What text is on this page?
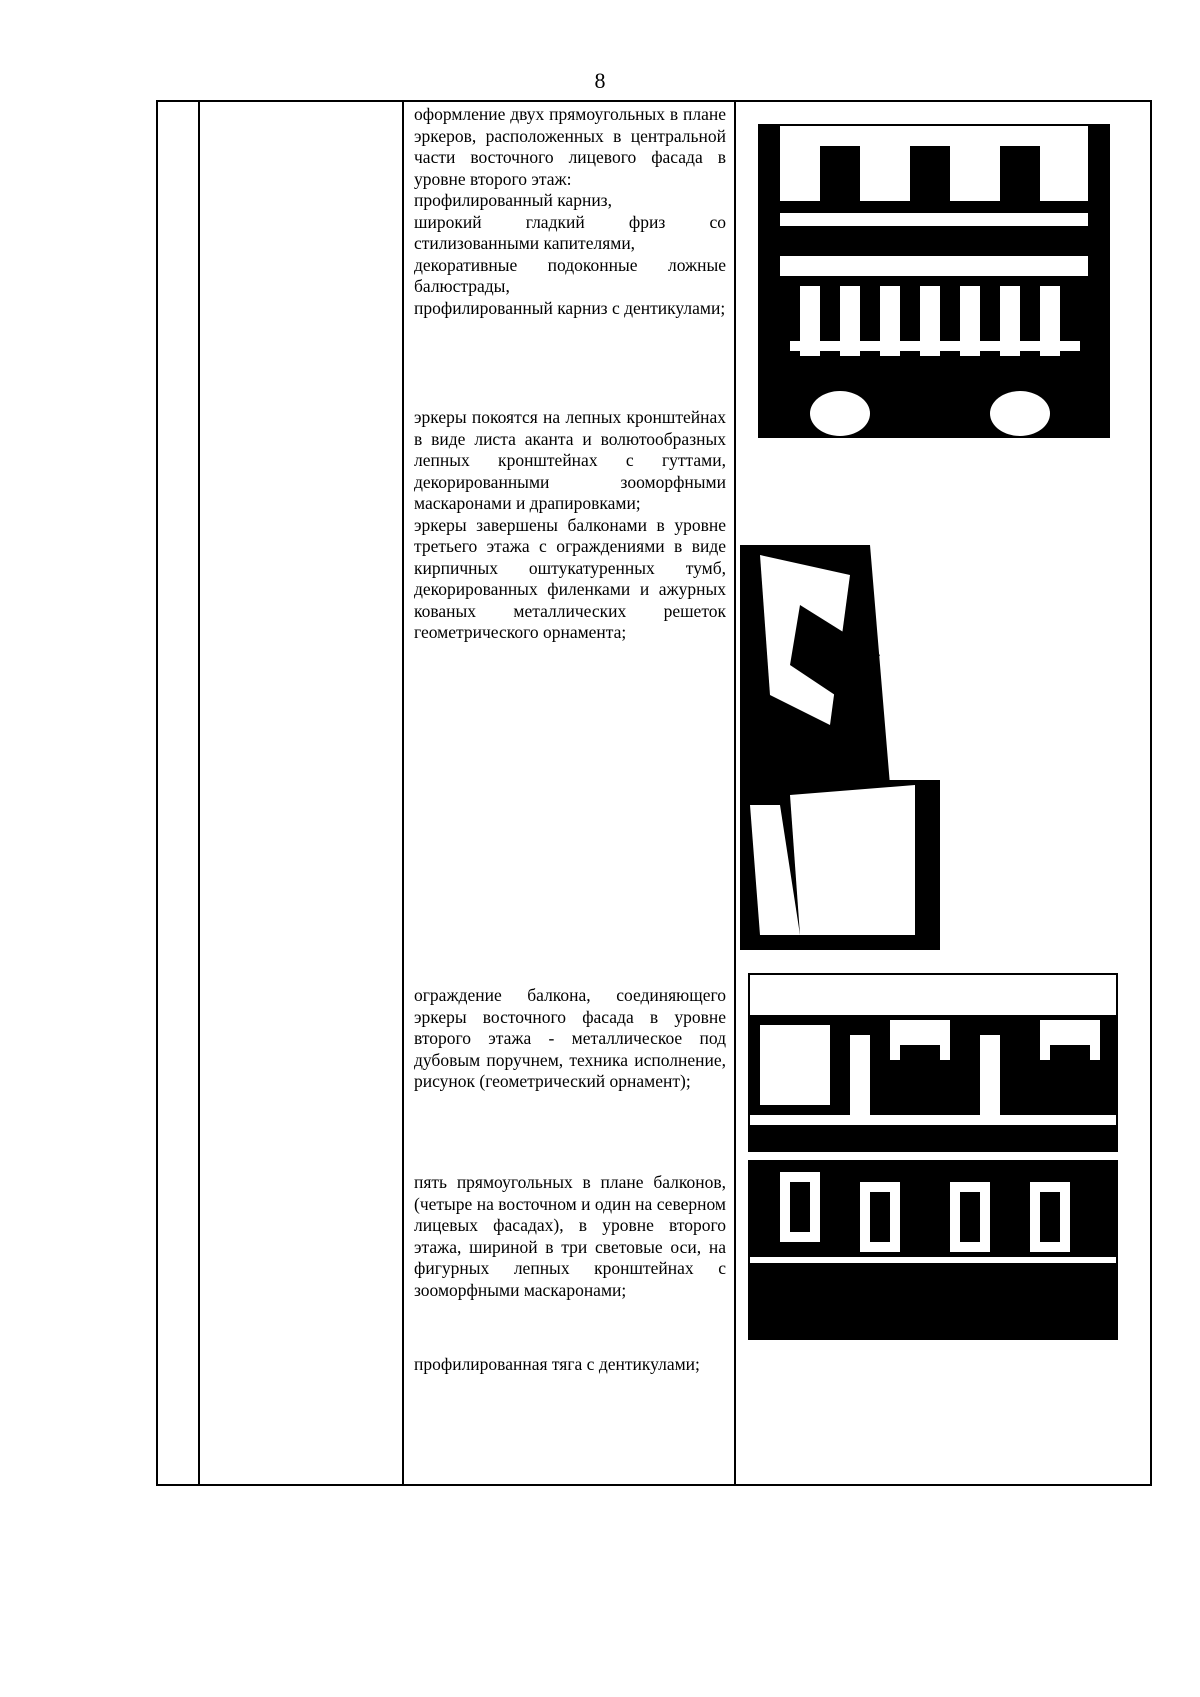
8

оформление двух прямоугольных в плане эркеров, расположенных в центральной части восточного лицевого фасада в уровне второго этаж:
профилированный карниз,
широкий гладкий фриз со стилизованными капителями,
декоративные подоконные ложные балюстрады,
профилированный карниз с дентикулами;
эркеры покоятся на лепных кронштейнах в виде листа аканта и волютообразных лепных кронштейнах с гуттами, декорированными зооморфными маскаронами и драпировками;
эркеры завершены балконами в уровне третьего этажа с ограждениями в виде кирпичных оштукатуренных тумб, декорированных филенками и ажурных кованых металлических решеток геометрического орнамента;
ограждение балкона, соединяющего эркеры восточного фасада в уровне второго этажа - металлическое под дубовым поручнем, техника исполнение, рисунок (геометрический орнамент);
пять прямоугольных в плане балконов, (четыре на восточном и один на северном лицевых фасадах), в уровне второго этажа, шириной в три световые оси, на фигурных лепных кронштейнах с зооморфными маскаронами;
профилированная тяга с дентикулами;
